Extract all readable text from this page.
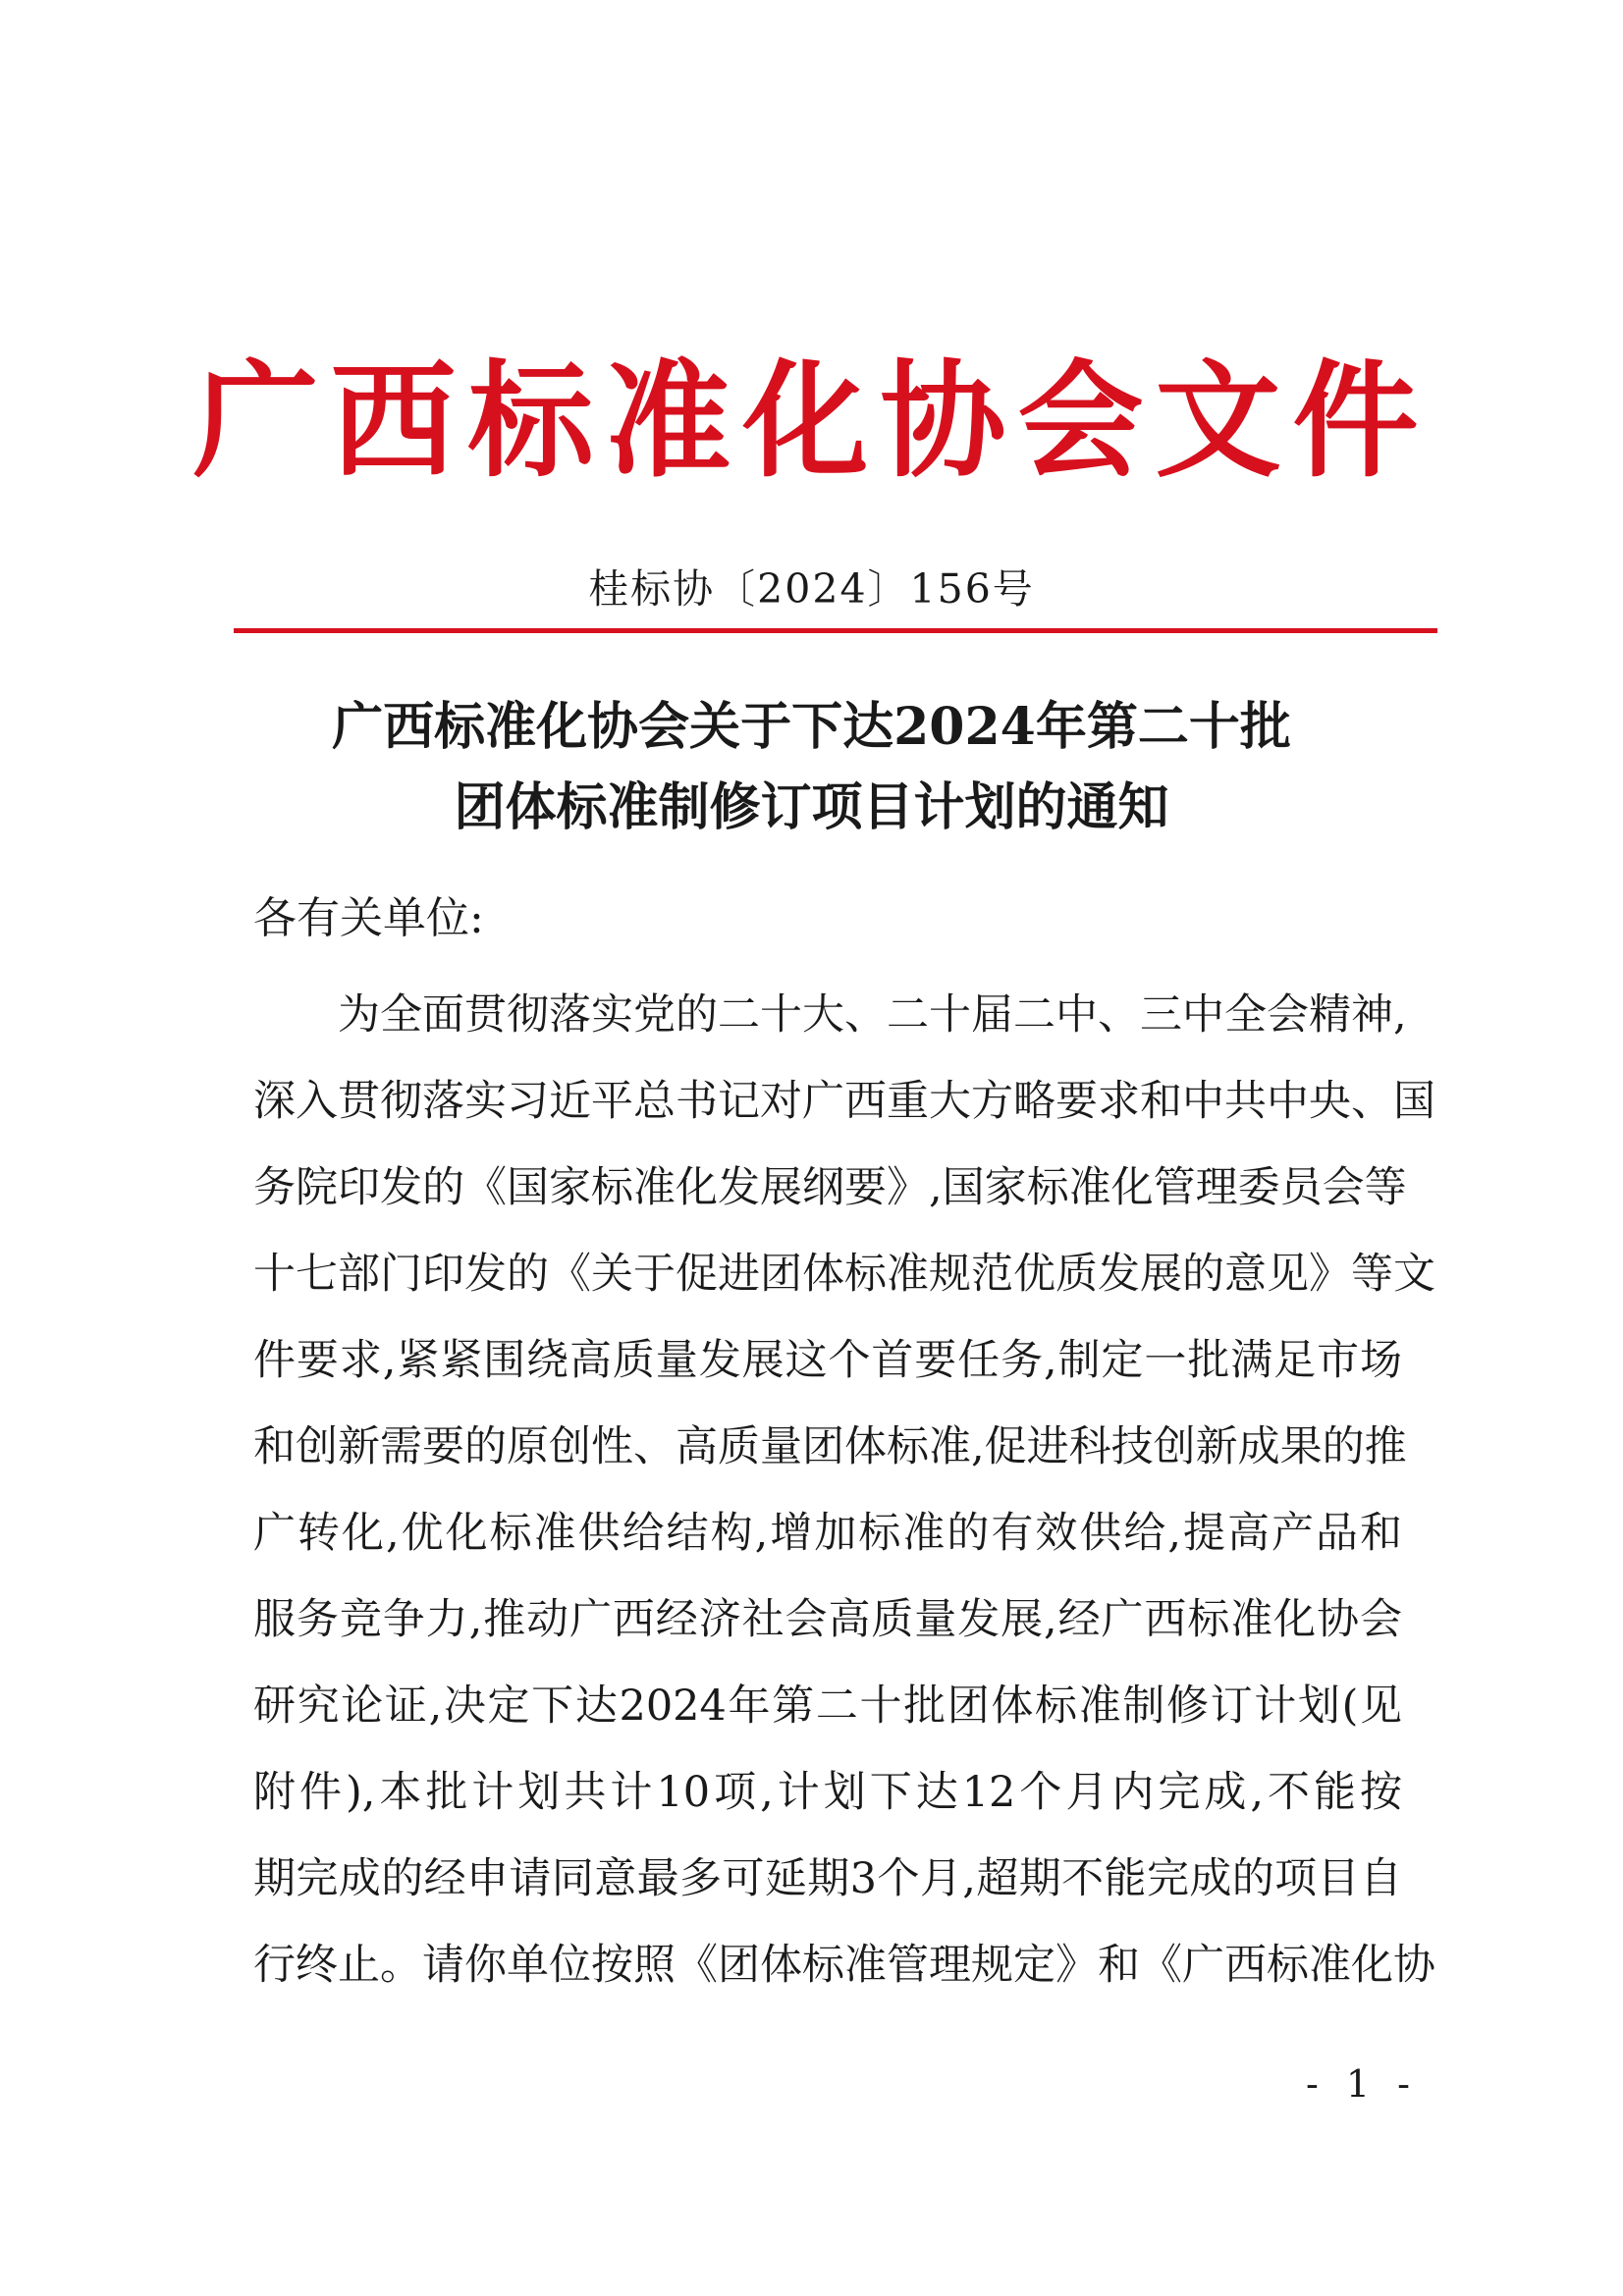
广西标准化协会文件
桂标协〔2024〕156号
广西标准化协会关于下达2024年第二十批
团体标准制修订项目计划的通知
各有关单位:
为全面贯彻落实党的二十大、二十届二中、三中全会精神,
深入贯彻落实习近平总书记对广西重大方略要求和中共中央、国
务院印发的《国家标准化发展纲要》,国家标准化管理委员会等
十七部门印发的《关于促进团体标准规范优质发展的意见》等文
件要求,紧紧围绕高质量发展这个首要任务,制定一批满足市场
和创新需要的原创性、高质量团体标准,促进科技创新成果的推
广转化,优化标准供给结构,增加标准的有效供给,提高产品和
服务竞争力,推动广西经济社会高质量发展,经广西标准化协会
研究论证,决定下达2024年第二十批团体标准制修订计划(见
附件),本批计划共计10项,计划下达12个月内完成,不能按
期完成的经申请同意最多可延期3个月,超期不能完成的项目自
行终止。请你单位按照《团体标准管理规定》和《广西标准化协
- 1 -
